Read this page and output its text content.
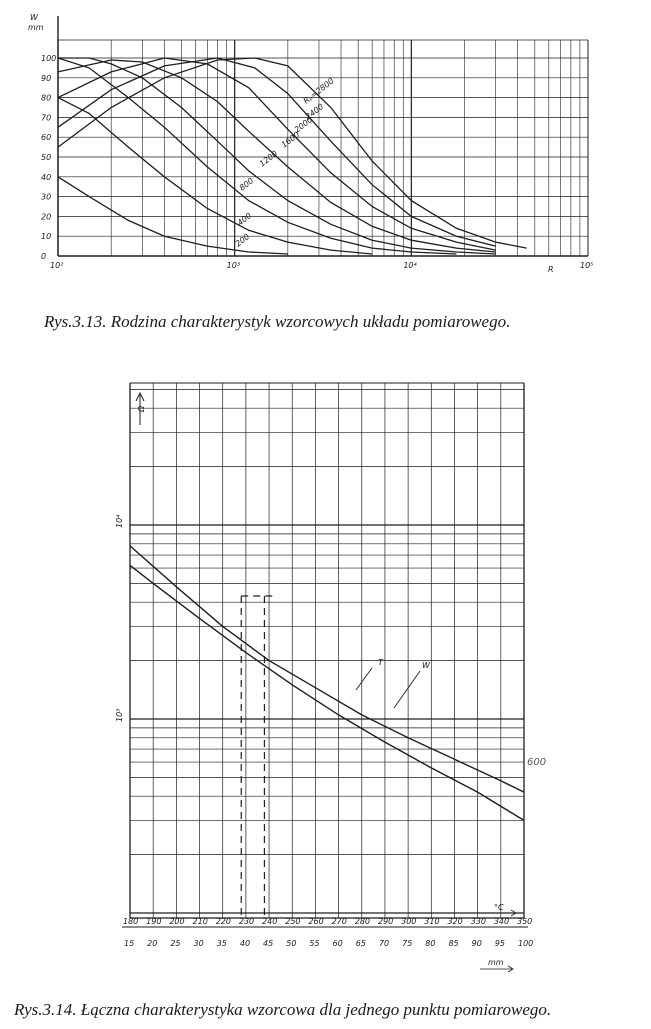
0
10
20
30
40
50
60
70
80
90
100
W
mm
10²	10³	10⁴	10⁵
R
200
400
800
1200
1600
2000
2400
Rₚ=2800
Rys.3.13. Rodzina charakterystyk wzorcowych układu pomiarowego.
Ω
10⁴
10³
180 190 200 210 220 230 240 250 260 270 280 290 300 310 320 330 340 350
°C
15 20 25 30 35 40 45 50 55 60 65 70 75 80 85 90 95 100
mm
T	W
600
Rys.3.14. Łączna charakterystyka wzorcowa dla jednego punktu pomiarowego.
